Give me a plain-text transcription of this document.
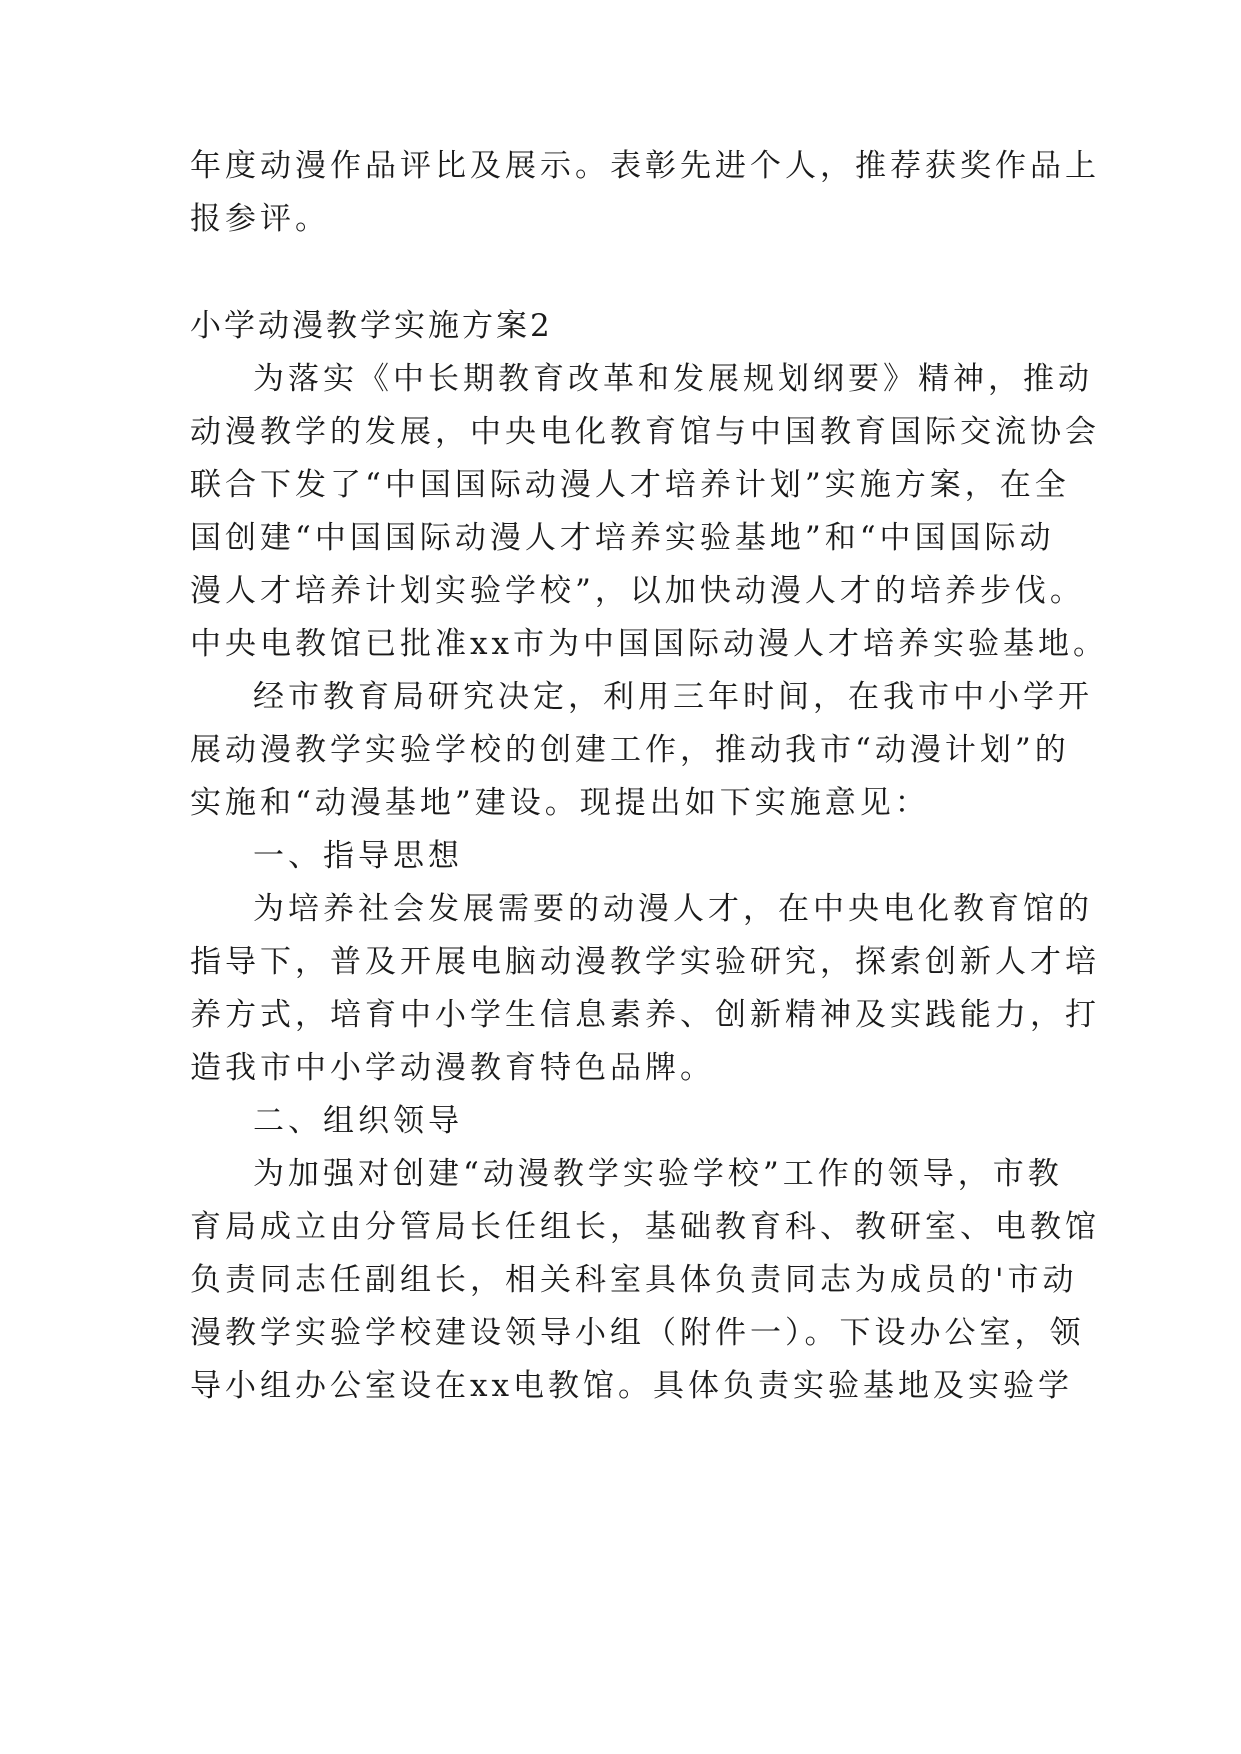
年度动漫作品评比及展示。表彰先进个人，推荐获奖作品上
报参评。
小学动漫教学实施方案2
为落实《中长期教育改革和发展规划纲要》精神，推动
动漫教学的发展，中央电化教育馆与中国教育国际交流协会
联合下发了“中国国际动漫人才培养计划”实施方案，在全
国创建“中国国际动漫人才培养实验基地”和“中国国际动
漫人才培养计划实验学校”，以加快动漫人才的培养步伐。
中央电教馆已批准xx市为中国国际动漫人才培养实验基地。
经市教育局研究决定，利用三年时间，在我市中小学开
展动漫教学实验学校的创建工作，推动我市“动漫计划”的
实施和“动漫基地”建设。现提出如下实施意见：
一、指导思想
为培养社会发展需要的动漫人才，在中央电化教育馆的
指导下，普及开展电脑动漫教学实验研究，探索创新人才培
养方式，培育中小学生信息素养、创新精神及实践能力，打
造我市中小学动漫教育特色品牌。
二、组织领导
为加强对创建“动漫教学实验学校”工作的领导，市教
育局成立由分管局长任组长，基础教育科、教研室、电教馆
负责同志任副组长，相关科室具体负责同志为成员的'市动
漫教学实验学校建设领导小组（附件一）。下设办公室，领
导小组办公室设在xx电教馆。具体负责实验基地及实验学
